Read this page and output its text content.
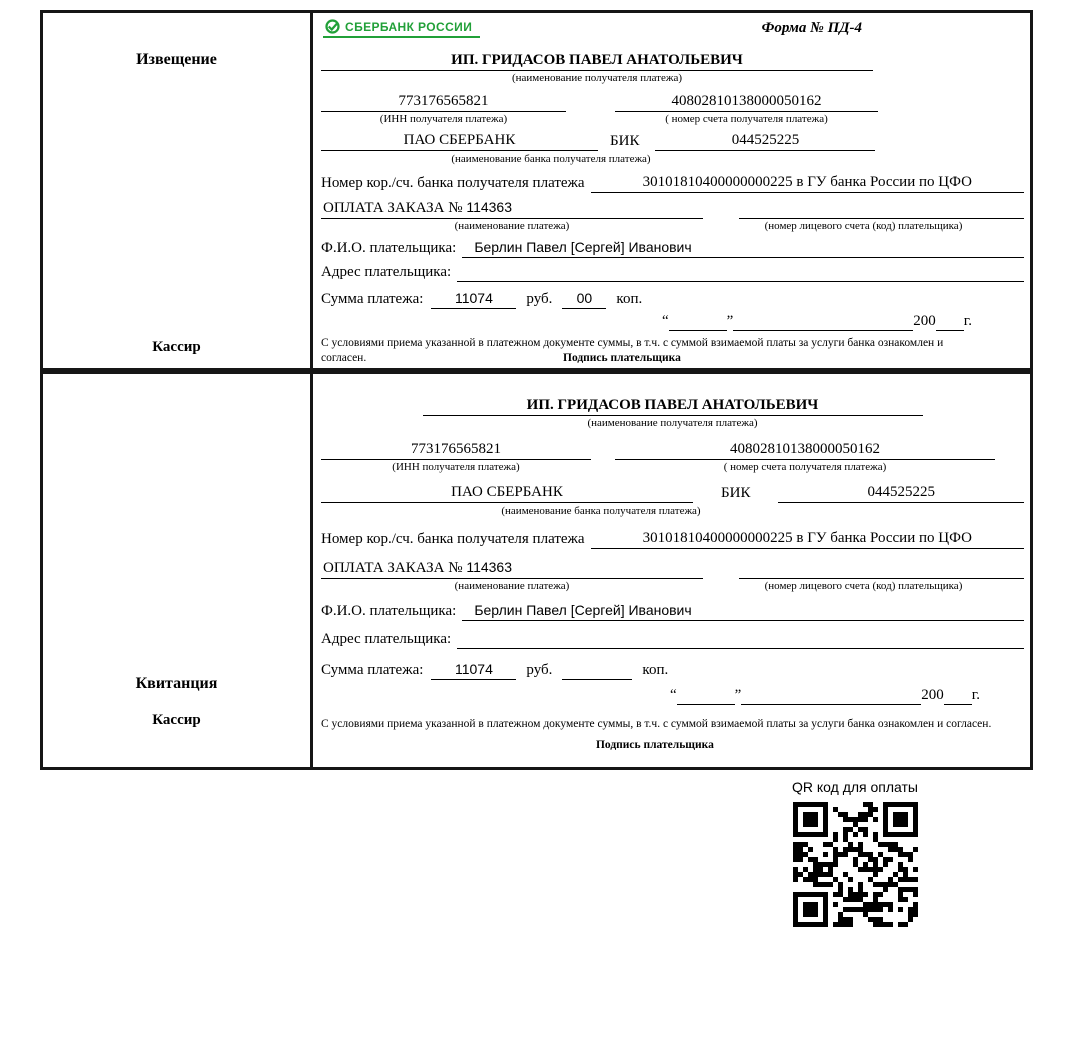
Извещение
Кассир
СБЕРБАНК РОССИИ	Форма № ПД-4
ИП. ГРИДАСОВ ПАВЕЛ АНАТОЛЬЕВИЧ
(наименование получателя платежа)
773176565821
(ИНН получателя платежа)
40802810138000050162
( номер счета получателя платежа)
ПАО СБЕРБАНК	БИК	044525225
(наименование банка получателя платежа)
Номер кор./сч. банка получателя платежа	30101810400000000225 в ГУ банка России по ЦФО
ОПЛАТА ЗАКАЗА № 114363
(наименование платежа)	(номер лицевого счета (код) плательщика)
Ф.И.О. плательщика:	Берлин Павел [Сергей] Иванович
Адрес плательщика:
Сумма платежа:	11074	руб.	00	коп.
“	”	200 г.
С условиями приема указанной в платежном документе суммы, в т.ч. с суммой взимаемой платы за услуги банка ознакомлен и согласен.	Подпись плательщика
Квитанция
Кассир
ИП. ГРИДАСОВ ПАВЕЛ АНАТОЛЬЕВИЧ
(наименование получателя платежа)
773176565821
(ИНН получателя платежа)
40802810138000050162
( номер счета получателя платежа)
ПАО СБЕРБАНК	БИК	044525225
(наименование банка получателя платежа)
Номер кор./сч. банка получателя платежа	30101810400000000225 в ГУ банка России по ЦФО
ОПЛАТА ЗАКАЗА № 114363
(наименование платежа)	(номер лицевого счета (код) плательщика)
Ф.И.О. плательщика:	Берлин Павел [Сергей] Иванович
Адрес плательщика:
Сумма платежа:	11074	руб.	коп.
“	”	200 г.
С условиями приема указанной в платежном документе суммы, в т.ч. с суммой взимаемой платы за услуги банка ознакомлен и согласен.
Подпись плательщика
QR код для оплаты
